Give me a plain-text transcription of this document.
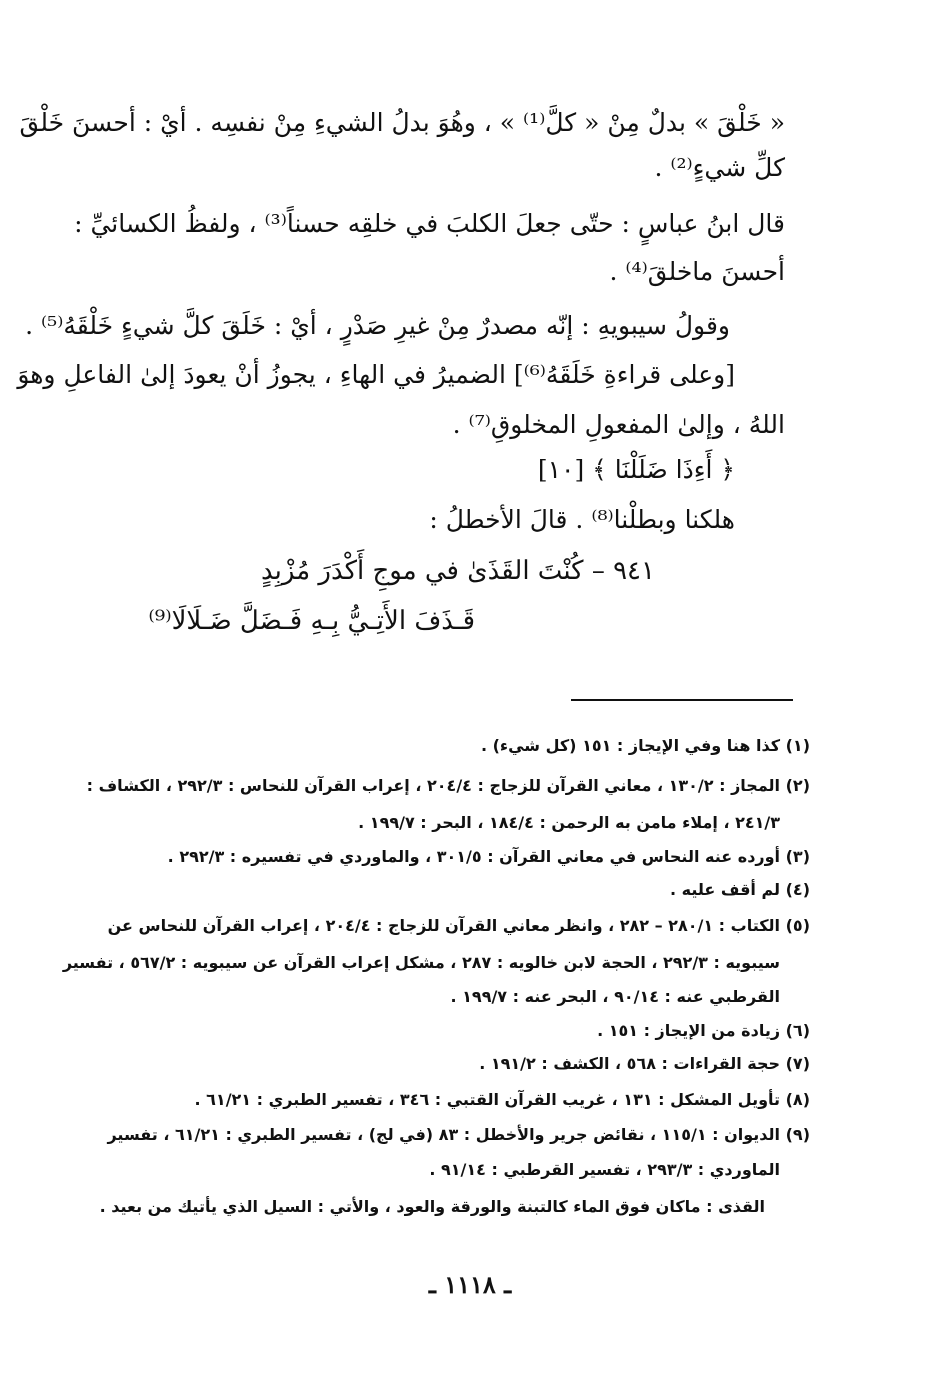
« خَلْقَ » بدلٌ مِنْ « كلَّ⁽¹⁾ » ، وهُوَ بدلُ الشيءِ مِنْ نفسِه . أيْ : أحسنَ خَلْقَ
كلِّ شيءٍ⁽²⁾ .
قال ابنُ عباسٍ : حتّى جعلَ الكلبَ في خلقِه حسناً⁽³⁾ ، ولفظُ الكسائيِّ :
أحسنَ ماخلقَ⁽⁴⁾ .
وقولُ سيبويهِ : إنّه مصدرٌ مِنْ غيرِ صَدْرٍ ، أيْ : خَلَقَ كلَّ شيءٍ خَلْقَهُ⁽⁵⁾ .
[وعلى قراءةِ خَلَقَهُ⁽⁶⁾] الضميرُ في الهاءِ ، يجوزُ أنْ يعودَ إلىٰ الفاعلِ وهوَ
اللهُ ، وإلىٰ المفعولِ المخلوقِ⁽⁷⁾ .
﴿ أَءِذَا ضَلَلْنَا ﴾ [١٠]
هلكنا وبطلْنا⁽⁸⁾ . قالَ الأخطلُ :
٩٤١ – كُنْتَ القَذَىٰ في موجِ أَكْدَرَ مُزْبِدٍ
قَـذَفَ الأَتِـيُّ بِـهِ فَـضَلَّ ضَـلَالَا⁽⁹⁾
(١) كذا هنا وفي الإيجاز : ١٥١ (كل شيء) .
(٢) المجاز : ١٣٠/٢ ، معاني القرآن للزجاج : ٢٠٤/٤ ، إعراب القرآن للنحاس : ٢٩٢/٣ ، الكشاف :
٢٤١/٣ ، إملاء مامن به الرحمن : ١٨٤/٤ ، البحر : ١٩٩/٧ .
(٣) أورده عنه النحاس في معاني القرآن : ٣٠١/٥ ، والماوردي في تفسيره : ٢٩٢/٣ .
(٤) لم أقف عليه .
(٥) الكتاب : ٢٨٠/١ – ٢٨٢ ، وانظر معاني القرآن للزجاج : ٢٠٤/٤ ، إعراب القرآن للنحاس عن
سيبويه : ٢٩٢/٣ ، الحجة لابن خالويه : ٢٨٧ ، مشكل إعراب القرآن عن سيبويه : ٥٦٧/٢ ، تفسير
القرطبي عنه : ٩٠/١٤ ، البحر عنه : ١٩٩/٧ .
(٦) زيادة من الإيجاز : ١٥١ .
(٧) حجة القراءات : ٥٦٨ ، الكشف : ١٩١/٢ .
(٨) تأويل المشكل : ١٣١ ، غريب القرآن القتبي : ٣٤٦ ، تفسير الطبري : ٦١/٢١ .
(٩) الديوان : ١١٥/١ ، نقائض جرير والأخطل : ٨٣ (في لج) ، تفسير الطبري : ٦١/٢١ ، تفسير
الماوردي : ٢٩٣/٣ ، تفسير القرطبي : ٩١/١٤ .
القذى : ماكان فوق الماء كالتبنة والورقة والعود ، والأتي : السيل الذي يأتيك من بعيد .
ـ ١١١٨ ـ
